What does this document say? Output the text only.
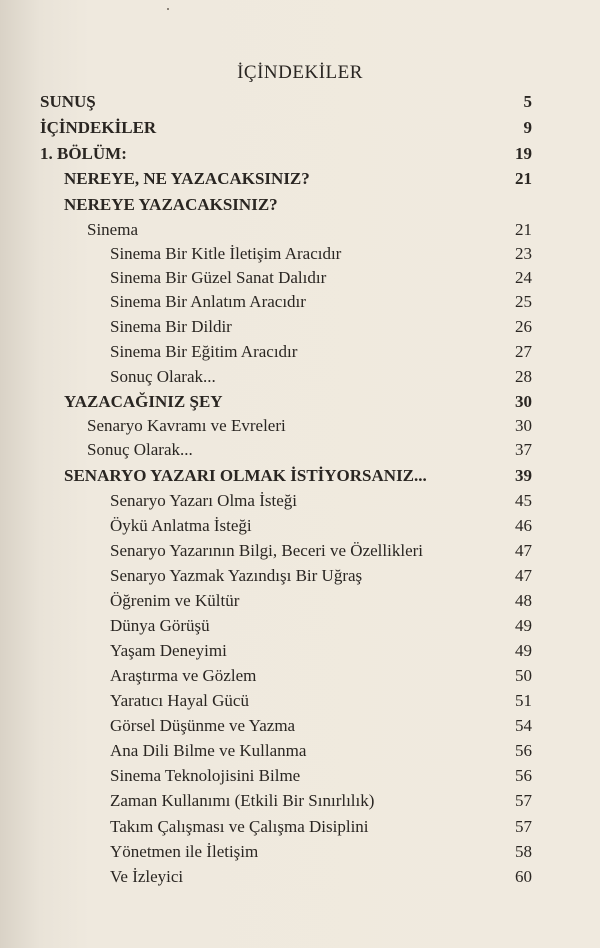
İÇİNDEKİLER
SUNUŞ	5
İÇİNDEKİLER	9
1. BÖLÜM:	19
NEREYE, NE YAZACAKSINIZ?	21
NEREYE YAZACAKSINIZ?
Sinema	21
Sinema Bir Kitle İletişim Aracıdır	23
Sinema Bir Güzel Sanat Dalıdır	24
Sinema Bir Anlatım Aracıdır	25
Sinema Bir Dildir	26
Sinema Bir Eğitim Aracıdır	27
Sonuç Olarak...	28
YAZACAĞINIZ ŞEY	30
Senaryo Kavramı ve Evreleri	30
Sonuç Olarak...	37
SENARYO YAZARI OLMAK İSTİYORSANIZ...	39
Senaryo Yazarı Olma İsteği	45
Öykü Anlatma İsteği	46
Senaryo Yazarının Bilgi, Beceri ve Özellikleri	47
Senaryo Yazmak Yazındışı Bir Uğraş	47
Öğrenim ve Kültür	48
Dünya Görüşü	49
Yaşam Deneyimi	49
Araştırma ve Gözlem	50
Yaratıcı Hayal Gücü	51
Görsel Düşünme ve Yazma	54
Ana Dili Bilme ve Kullanma	56
Sinema Teknolojisini Bilme	56
Zaman Kullanımı (Etkili Bir Sınırlılık)	57
Takım Çalışması ve Çalışma Disiplini	57
Yönetmen ile İletişim	58
Ve İzleyici	60
